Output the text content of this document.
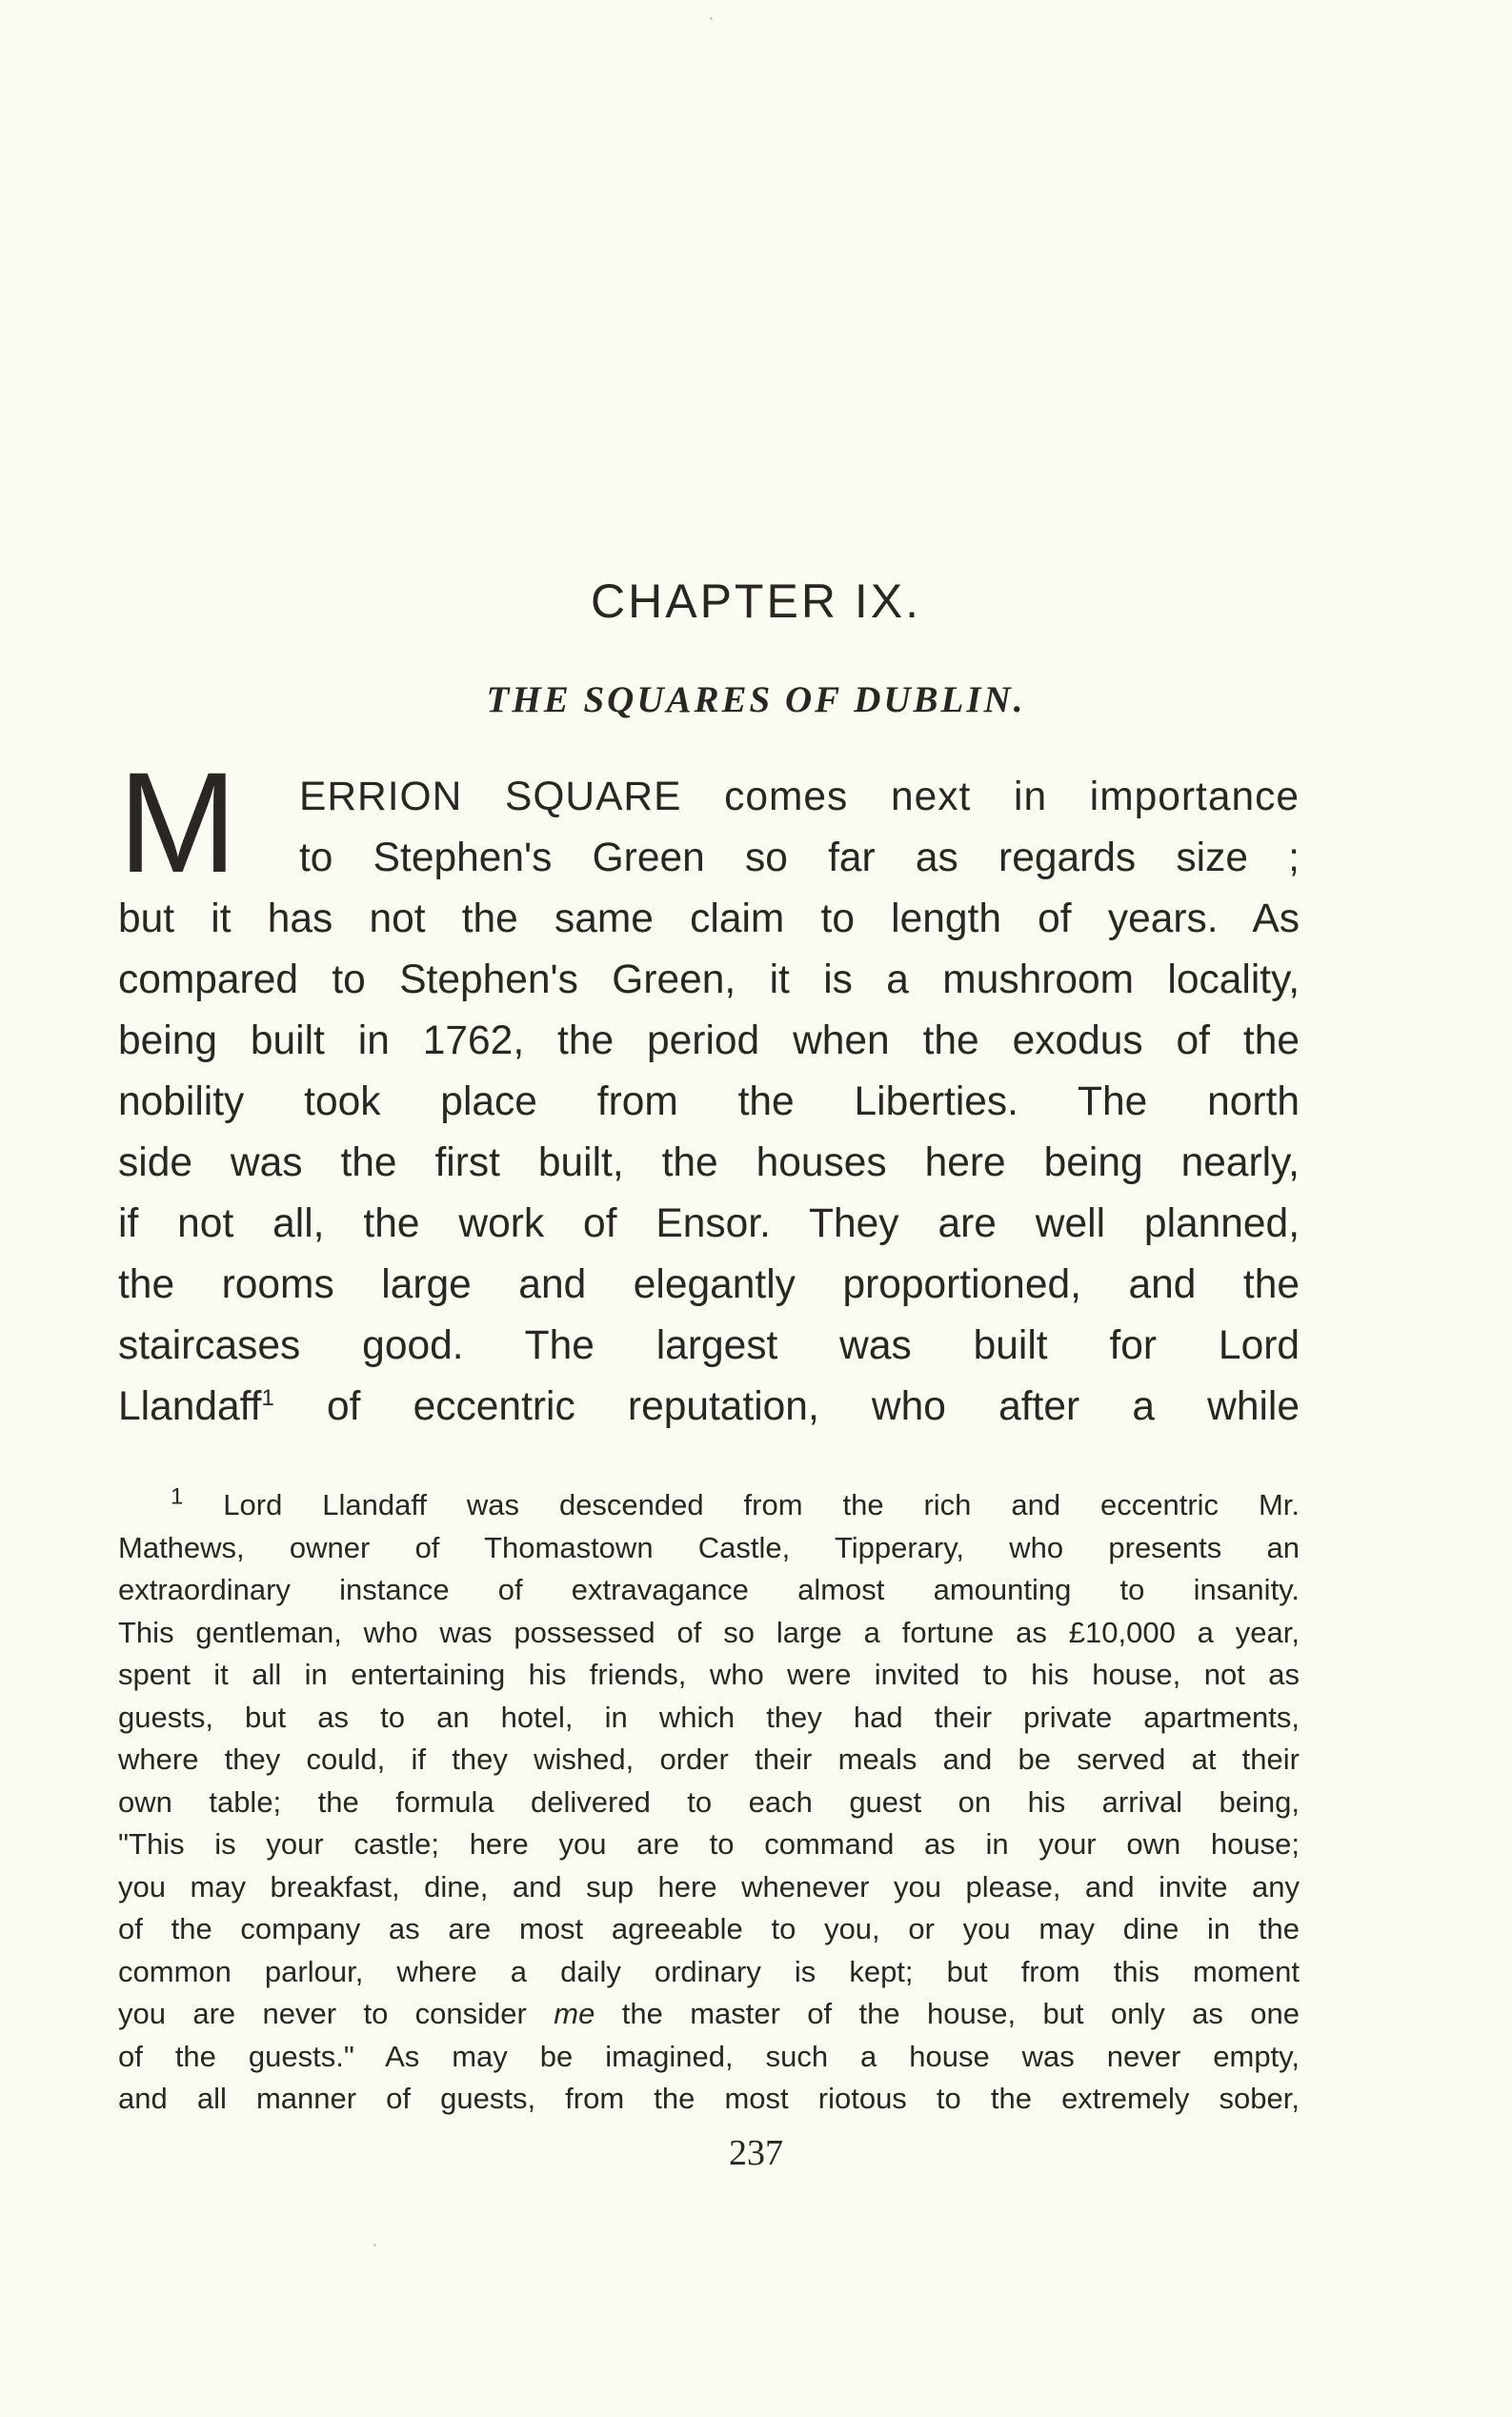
CHAPTER IX.
THE SQUARES OF DUBLIN.
M ERRION SQUARE comes next in importance
to Stephen's Green so far as regards size ;
but it has not the same claim to length of years. As
compared to Stephen's Green, it is a mushroom locality,
being built in 1762, the period when the exodus of the
nobility took place from the Liberties. The north
side was the first built, the houses here being nearly,
if not all, the work of Ensor. They are well planned,
the rooms large and elegantly proportioned, and the
staircases good. The largest was built for Lord
Llandaff$^1$ of eccentric reputation, who after a while
$^1$ Lord Llandaff was descended from the rich and eccentric Mr.
Mathews, owner of Thomastown Castle, Tipperary, who presents an
extraordinary instance of extravagance almost amounting to insanity.
This gentleman, who was possessed of so large a fortune as £10,000 a year,
spent it all in entertaining his friends, who were invited to his house, not as
guests, but as to an hotel, in which they had their private apartments,
where they could, if they wished, order their meals and be served at their
own table; the formula delivered to each guest on his arrival being,
"This is your castle; here you are to command as in your own house;
you may breakfast, dine, and sup here whenever you please, and invite any
of the company as are most agreeable to you, or you may dine in the
common parlour, where a daily ordinary is kept; but from this moment
you are never to consider me the master of the house, but only as one
of the guests." As may be imagined, such a house was never empty,
and all manner of guests, from the most riotous to the extremely sober,
237
